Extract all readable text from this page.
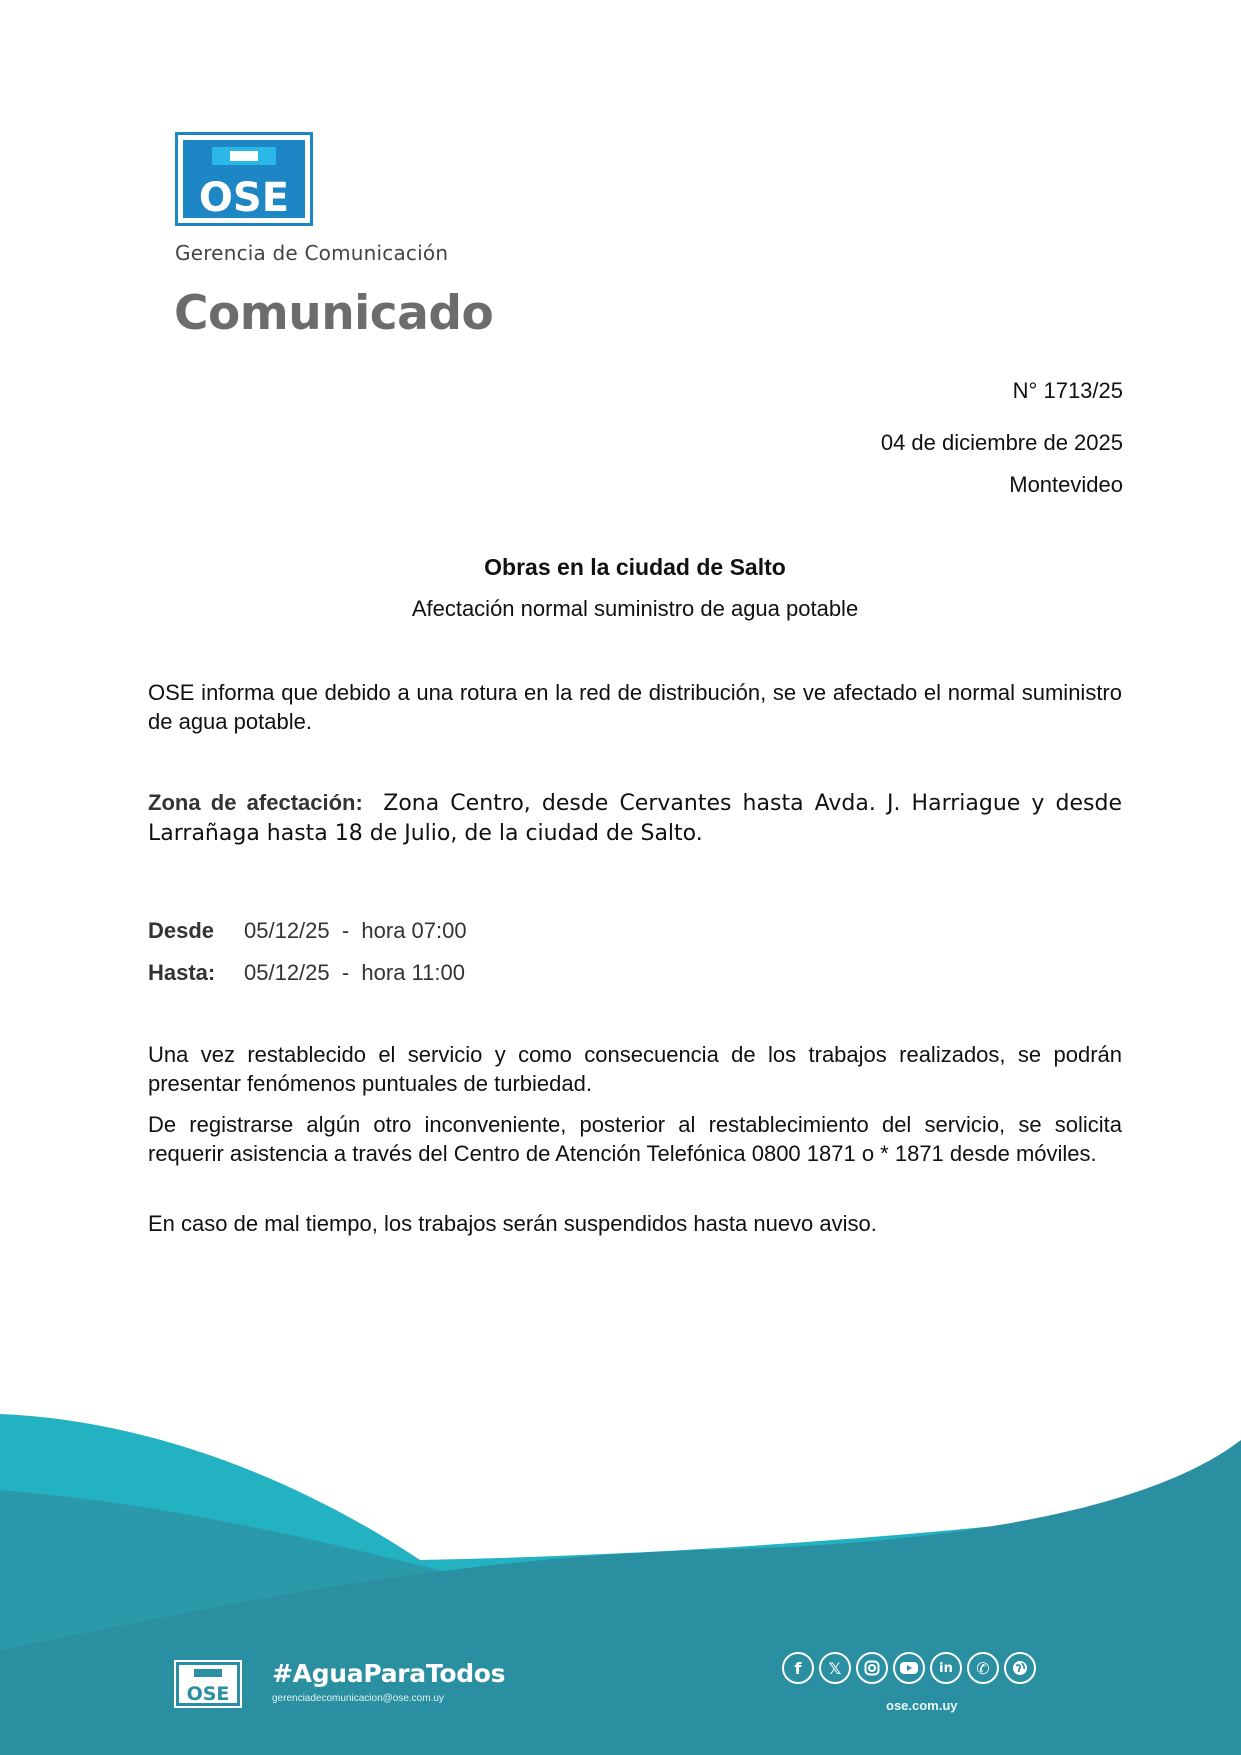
OSE
Gerencia de Comunicación
Comunicado
N° 1713/25
04 de diciembre de 2025
Montevideo
Obras en la ciudad de Salto
Afectación normal suministro de agua potable
OSE informa que debido a una rotura en la red de distribución, se ve afectado el normal suministro de agua potable.
Zona de afectación: Zona Centro, desde Cervantes hasta Avda. J. Harriague y desde Larrañaga hasta 18 de Julio, de la ciudad de Salto.
Desde 05/12/25  -  hora 07:00
Hasta: 05/12/25  -  hora 11:00
Una vez restablecido el servicio y como consecuencia de los trabajos realizados, se podrán presentar fenómenos puntuales de turbiedad.
De registrarse algún otro inconveniente, posterior al restablecimiento del servicio, se solicita requerir asistencia a través del Centro de Atención Telefónica 0800 1871 o * 1871 desde móviles.
En caso de mal tiempo, los trabajos serán suspendidos hasta nuevo aviso.
OSE
#AguaParaTodos
gerenciadecomunicacion@ose.com.uy
f	𝕏	in	✆
ose.com.uy
